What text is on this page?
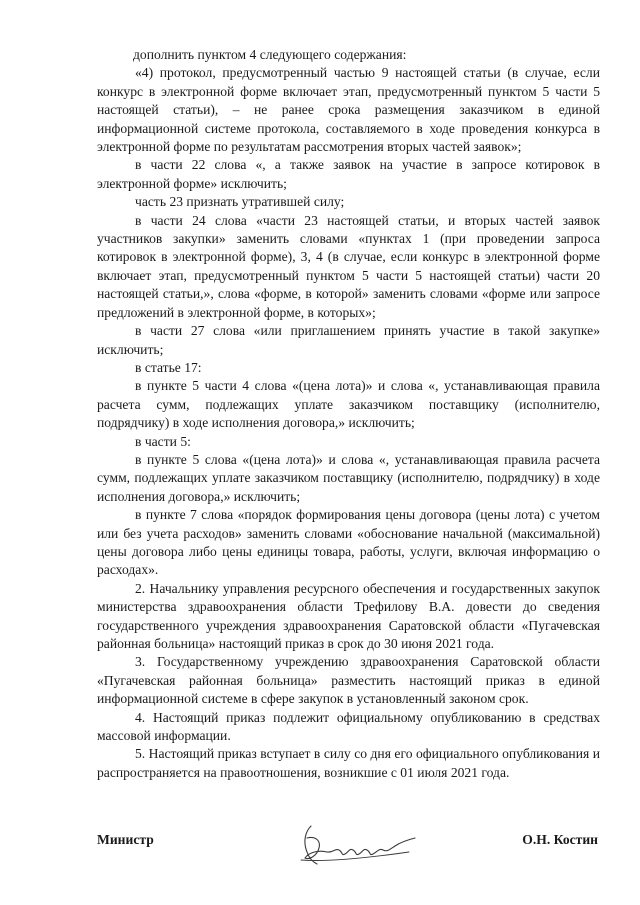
дополнить пунктом 4 следующего содержания:

«4) протокол, предусмотренный частью 9 настоящей статьи (в случае, если конкурс в электронной форме включает этап, предусмотренный пунктом 5 части 5 настоящей статьи), – не ранее срока размещения заказчиком в единой информационной системе протокола, составляемого в ходе проведения конкурса в электронной форме по результатам рассмотрения вторых частей заявок»;

в части 22 слова «, а также заявок на участие в запросе котировок в электронной форме» исключить;

часть 23 признать утратившей силу;

в части 24 слова «части 23 настоящей статьи, и вторых частей заявок участников закупки» заменить словами «пунктах 1 (при проведении запроса котировок в электронной форме), 3, 4 (в случае, если конкурс в электронной форме включает этап, предусмотренный пунктом 5 части 5 настоящей статьи) части 20 настоящей статьи,», слова «форме, в которой» заменить словами «форме или запросе предложений в электронной форме, в которых»;

в части 27 слова «или приглашением принять участие в такой закупке» исключить;

в статье 17:

в пункте 5 части 4 слова «(цена лота)» и слова «, устанавливающая правила расчета сумм, подлежащих уплате заказчиком поставщику (исполнителю, подрядчику) в ходе исполнения договора,» исключить;

в части 5:

в пункте 5 слова «(цена лота)» и слова «, устанавливающая правила расчета сумм, подлежащих уплате заказчиком поставщику (исполнителю, подрядчику) в ходе исполнения договора,» исключить;

в пункте 7 слова «порядок формирования цены договора (цены лота) с учетом или без учета расходов» заменить словами «обоснование начальной (максимальной) цены договора либо цены единицы товара, работы, услуги, включая информацию о расходах».

2. Начальнику управления ресурсного обеспечения и государственных закупок министерства здравоохранения области Трефилову В.А. довести до сведения государственного учреждения здравоохранения Саратовской области «Пугачевская районная больница» настоящий приказ в срок до 30 июня 2021 года.

3. Государственному учреждению здравоохранения Саратовской области «Пугачевская районная больница» разместить настоящий приказ в единой информационной системе в сфере закупок в установленный законом срок.

4. Настоящий приказ подлежит официальному опубликованию в средствах массовой информации.

5. Настоящий приказ вступает в силу со дня его официального опубликования и распространяется на правоотношения, возникшие с 01 июля 2021 года.

Министр	О.Н. Костин
